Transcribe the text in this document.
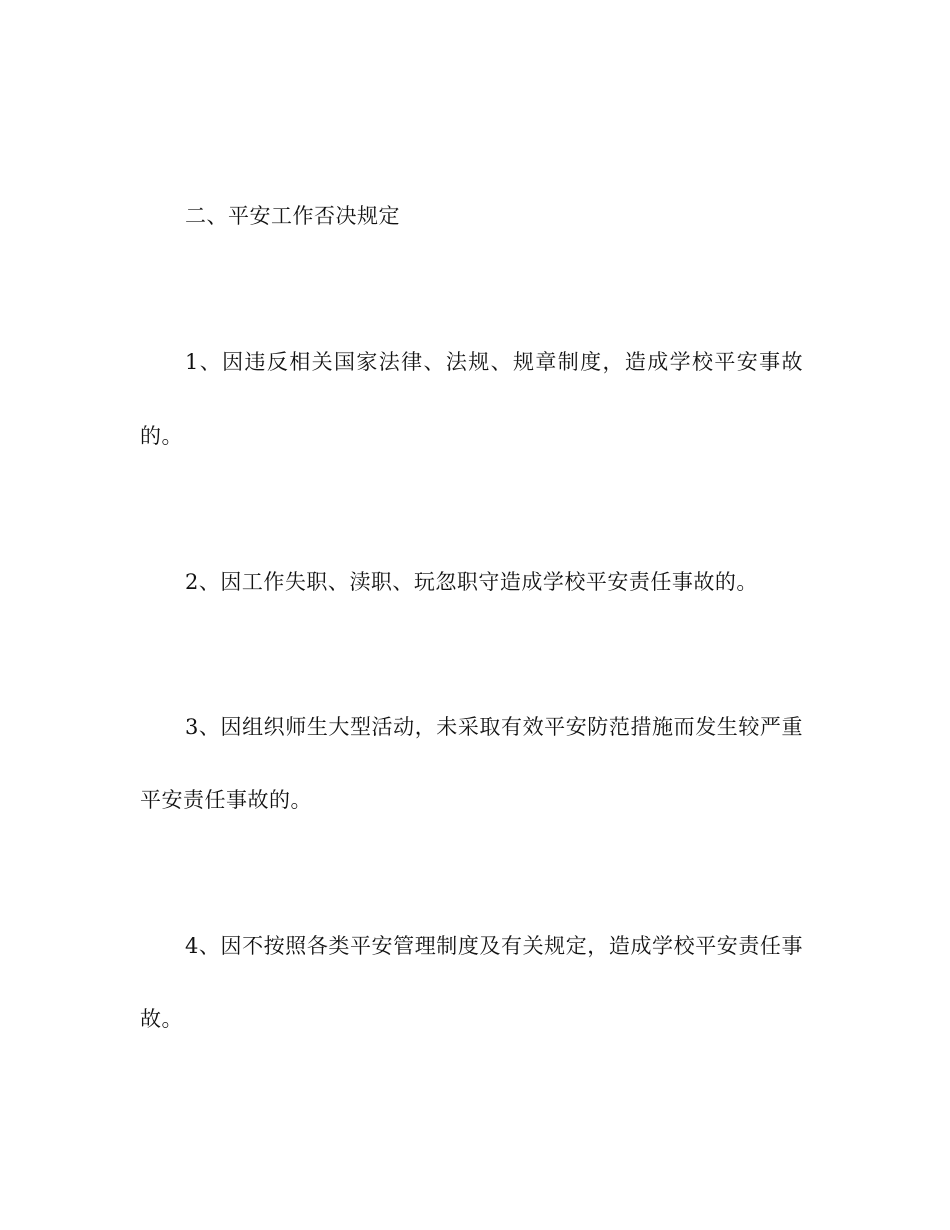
二、平安工作否决规定
1、因违反相关国家法律、法规、规章制度，造成学校平安事故
的。
2、因工作失职、渎职、玩忽职守造成学校平安责任事故的。
3、因组织师生大型活动，未采取有效平安防范措施而发生较严重
平安责任事故的。
4、因不按照各类平安管理制度及有关规定，造成学校平安责任事
故。
